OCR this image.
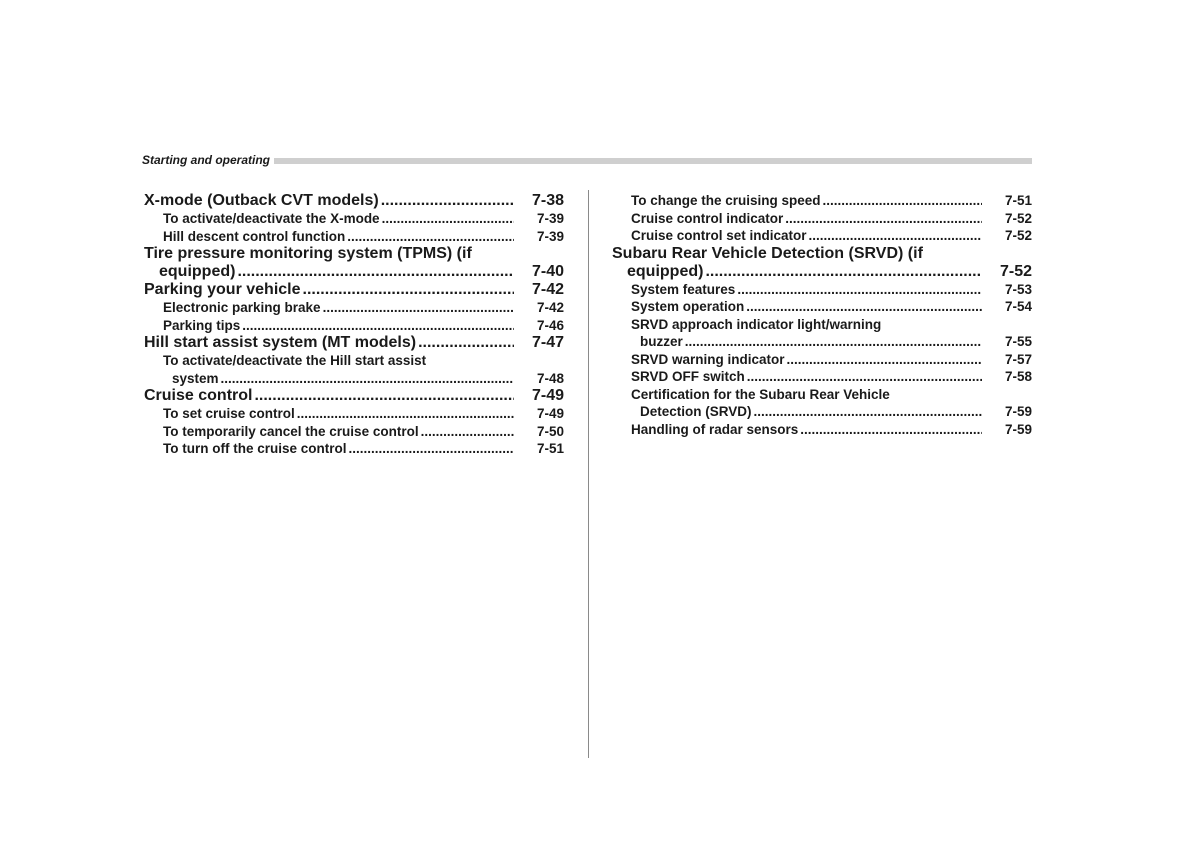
Starting and operating
X-mode (Outback CVT models) .....	7-38
To activate/deactivate the X-mode .....	7-39
Hill descent control function .....	7-39
Tire pressure monitoring system (TPMS) (if
equipped) .....	7-40
Parking your vehicle .....	7-42
Electronic parking brake .....	7-42
Parking tips .....	7-46
Hill start assist system (MT models) .....	7-47
To activate/deactivate the Hill start assist
system .....	7-48
Cruise control .....	7-49
To set cruise control .....	7-49
To temporarily cancel the cruise control .....	7-50
To turn off the cruise control .....	7-51
To change the cruising speed .....	7-51
Cruise control indicator .....	7-52
Cruise control set indicator .....	7-52
Subaru Rear Vehicle Detection (SRVD) (if
equipped) .....	7-52
System features .....	7-53
System operation .....	7-54
SRVD approach indicator light/warning
buzzer .....	7-55
SRVD warning indicator .....	7-57
SRVD OFF switch .....	7-58
Certification for the Subaru Rear Vehicle
Detection (SRVD) .....	7-59
Handling of radar sensors .....	7-59
